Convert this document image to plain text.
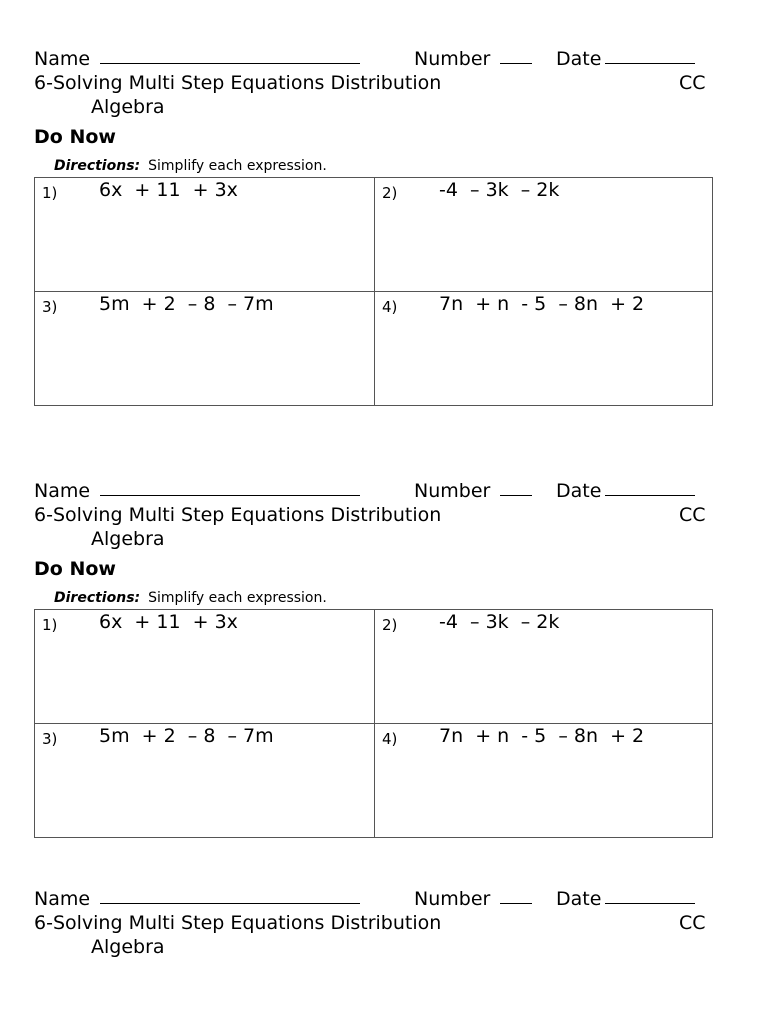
Name	Number	Date
6-Solving Multi Step Equations Distribution	CC
Algebra
Do Now
Directions: Simplify each expression.
1) 6x  + 11  + 3x	2) -4  – 3k  – 2k
3) 5m  + 2  – 8  – 7m	4) 7n  + n  - 5  – 8n  + 2
Name	Number	Date
6-Solving Multi Step Equations Distribution	CC
Algebra
Do Now
Directions: Simplify each expression.
1) 6x  + 11  + 3x	2) -4  – 3k  – 2k
3) 5m  + 2  – 8  – 7m	4) 7n  + n  - 5  – 8n  + 2
Name	Number	Date
6-Solving Multi Step Equations Distribution	CC
Algebra
